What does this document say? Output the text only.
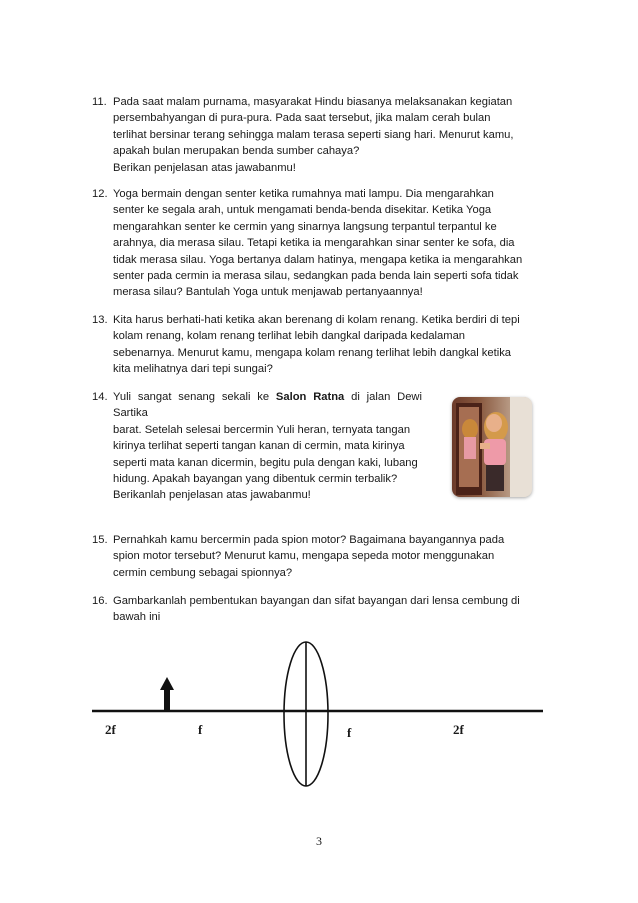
11. Pada saat malam purnama, masyarakat Hindu biasanya melaksanakan kegiatan

persembahyangan di pura-pura. Pada saat tersebut, jika malam cerah bulan

terlihat bersinar terang sehingga malam terasa seperti siang hari. Menurut kamu,

apakah bulan merupakan benda sumber cahaya?

Berikan penjelasan atas jawabanmu!

12. Yoga bermain dengan senter ketika rumahnya mati lampu. Dia mengarahkan

senter ke segala arah, untuk mengamati benda-benda disekitar. Ketika Yoga

mengarahkan senter ke cermin yang sinarnya langsung terpantul terpantul ke

arahnya, dia merasa silau. Tetapi ketika ia mengarahkan sinar senter ke sofa, dia

tidak merasa silau. Yoga bertanya dalam hatinya, mengapa ketika ia mengarahkan

senter pada cermin ia merasa silau, sedangkan pada benda lain seperti sofa tidak

merasa silau? Bantulah Yoga untuk menjawab pertanyaannya!

13. Kita harus berhati-hati ketika akan berenang di kolam renang. Ketika berdiri di tepi

kolam renang, kolam renang terlihat lebih dangkal daripada kedalaman

sebenarnya. Menurut kamu, mengapa kolam renang terlihat lebih dangkal ketika

kita melihatnya dari tepi sungai?

14. Yuli sangat senang sekali ke Salon Ratna di jalan Dewi Sartika

barat. Setelah selesai bercermin Yuli heran, ternyata tangan

kirinya terlihat seperti tangan kanan di cermin, mata kirinya

seperti mata kanan dicermin, begitu pula dengan kaki, lubang

hidung. Apakah bayangan yang dibentuk cermin terbalik?

Berikanlah penjelasan atas jawabanmu!

15. Pernahkah kamu bercermin pada spion motor? Bagaimana bayangannya pada

spion motor tersebut? Menurut kamu, mengapa sepeda motor menggunakan

cermin cembung sebagai spionnya?

16. Gambarkanlah pembentukan bayangan dan sifat bayangan dari lensa cembung di

bawah ini

2f	f	f	2f
3
